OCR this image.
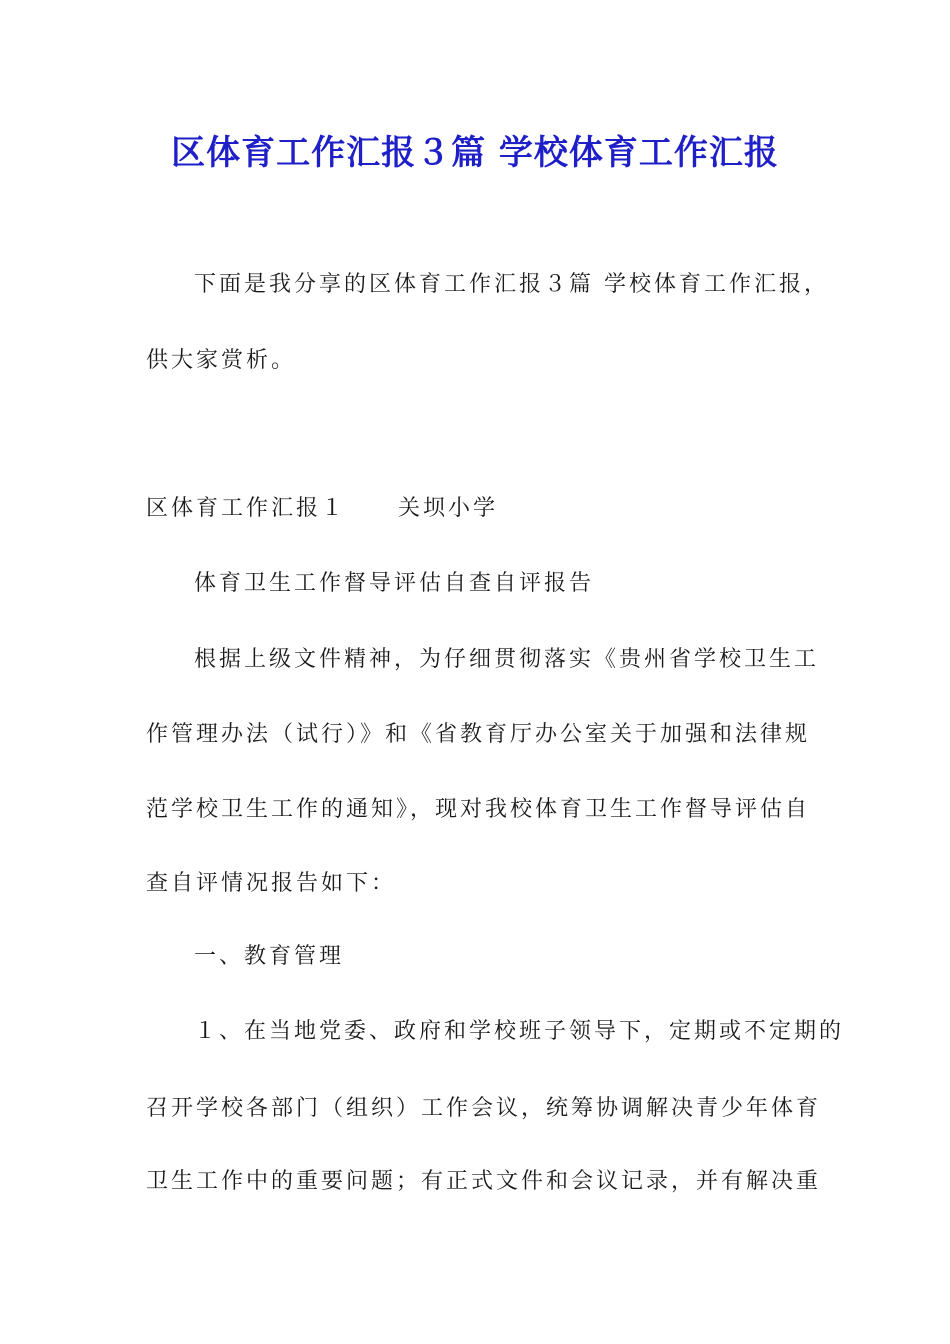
区体育工作汇报３篇 学校体育工作汇报
下面是我分享的区体育工作汇报３篇 学校体育工作汇报，
供大家赏析。
区体育工作汇报１ 关坝小学
体育卫生工作督导评估自查自评报告
根据上级文件精神，为仔细贯彻落实《贵州省学校卫生工
作管理办法（试行）》和《省教育厅办公室关于加强和法律规
范学校卫生工作的通知》，现对我校体育卫生工作督导评估自
查自评情况报告如下：
一、教育管理
１、在当地党委、政府和学校班子领导下，定期或不定期的
召开学校各部门（组织）工作会议，统筹协调解决青少年体育
卫生工作中的重要问题；有正式文件和会议记录，并有解决重
